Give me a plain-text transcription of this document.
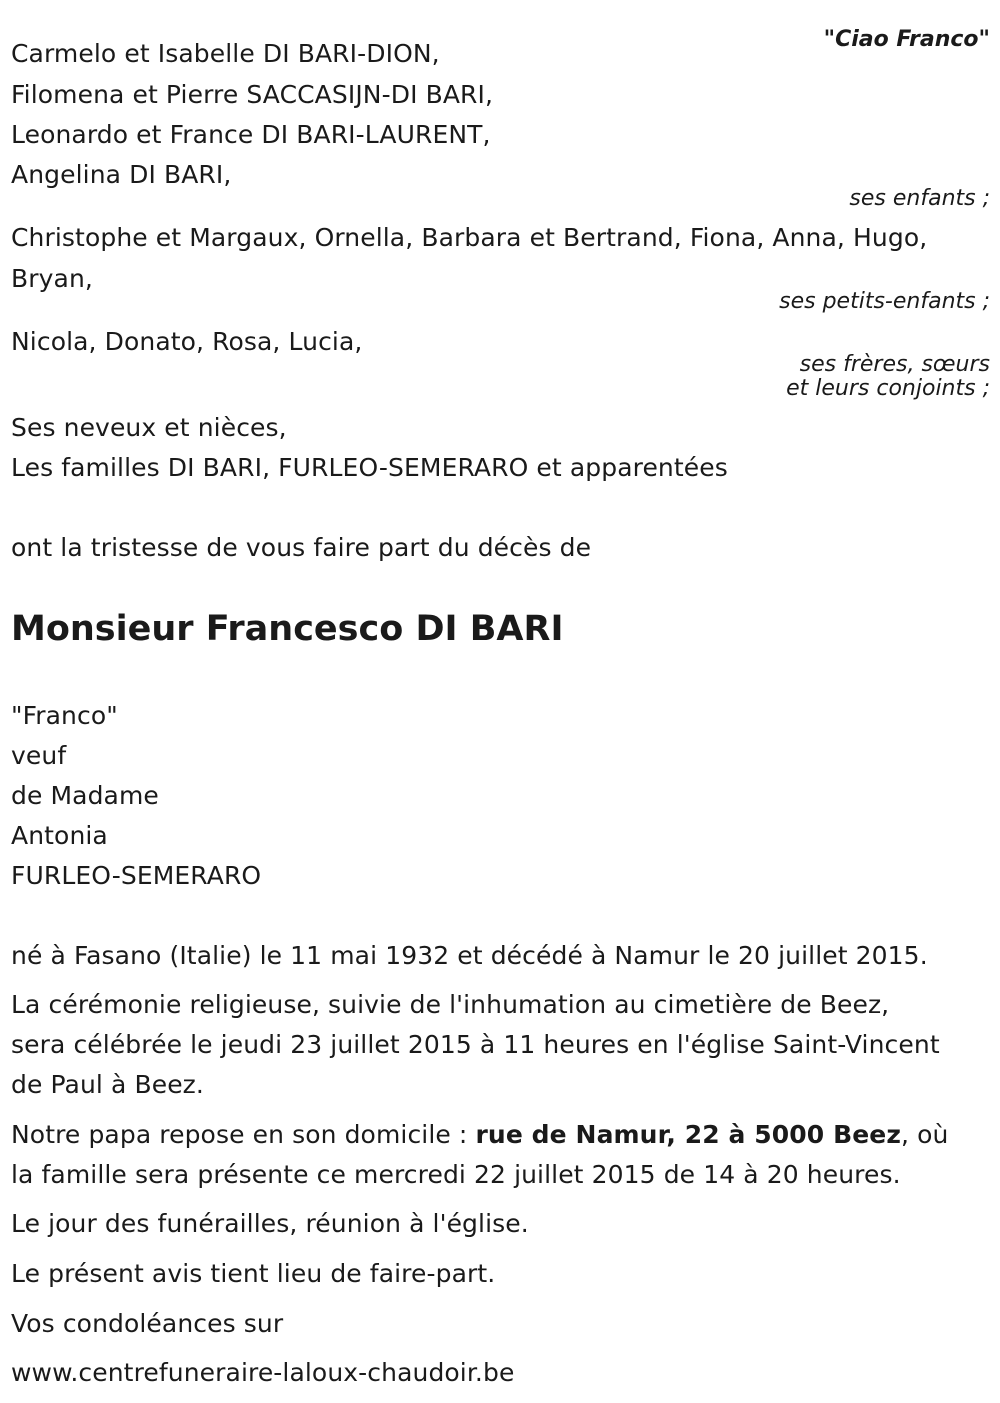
"Ciao Franco"
Carmelo et Isabelle DI BARI-DION,
Filomena et Pierre SACCASIJN-DI BARI,
Leonardo et France DI BARI-LAURENT,
Angelina DI BARI,
ses enfants ;
Christophe et Margaux, Ornella, Barbara et Bertrand, Fiona, Anna, Hugo,
Bryan,
ses petits-enfants ;
Nicola, Donato, Rosa, Lucia,
ses frères, sœurs
et leurs conjoints ;
Ses neveux et nièces,
Les familles DI BARI, FURLEO-SEMERARO et apparentées
ont la tristesse de vous faire part du décès de
Monsieur Francesco DI BARI
"Franco"
veuf
de Madame
Antonia
FURLEO-SEMERARO
né à Fasano (Italie) le 11 mai 1932 et décédé à Namur le 20 juillet 2015.
La cérémonie religieuse, suivie de l'inhumation au cimetière de Beez,
sera célébrée le jeudi 23 juillet 2015 à 11 heures en l'église Saint-Vincent
de Paul à Beez.
Notre papa repose en son domicile : rue de Namur, 22 à 5000 Beez, où
la famille sera présente ce mercredi 22 juillet 2015 de 14 à 20 heures.
Le jour des funérailles, réunion à l'église.
Le présent avis tient lieu de faire-part.
Vos condoléances sur
www.centrefuneraire-laloux-chaudoir.be
